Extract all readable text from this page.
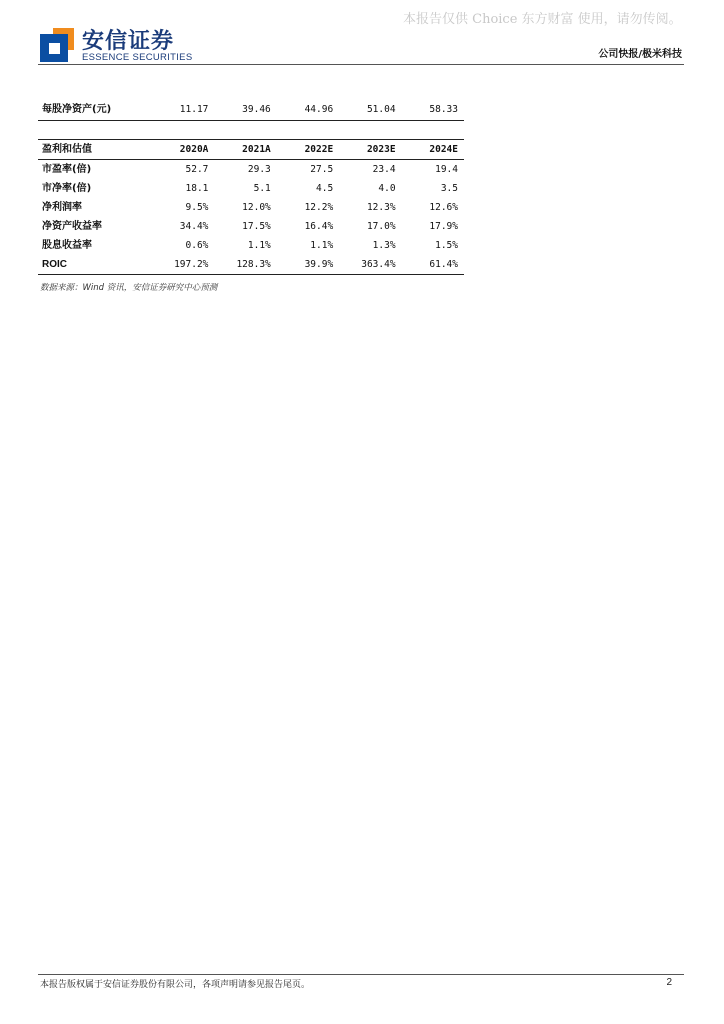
本报告仅供 Choice 东方财富 使用，请勿传阅。
安信证券
ESSENCE SECURITIES	公司快报/极米科技
每股净资产(元)	11.17	39.46	44.96	51.04	58.33
盈利和估值	2020A	2021A	2022E	2023E	2024E
市盈率(倍)	52.7	29.3	27.5	23.4	19.4
市净率(倍)	18.1	5.1	4.5	4.0	3.5
净利润率	9.5%	12.0%	12.2%	12.3%	12.6%
净资产收益率	34.4%	17.5%	16.4%	17.0%	17.9%
股息收益率	0.6%	1.1%	1.1%	1.3%	1.5%
ROIC	197.2%	128.3%	39.9%	363.4%	61.4%
数据来源：Wind 资讯，安信证券研究中心预测
本报告版权属于安信证券股份有限公司，各项声明请参见报告尾页。	2
